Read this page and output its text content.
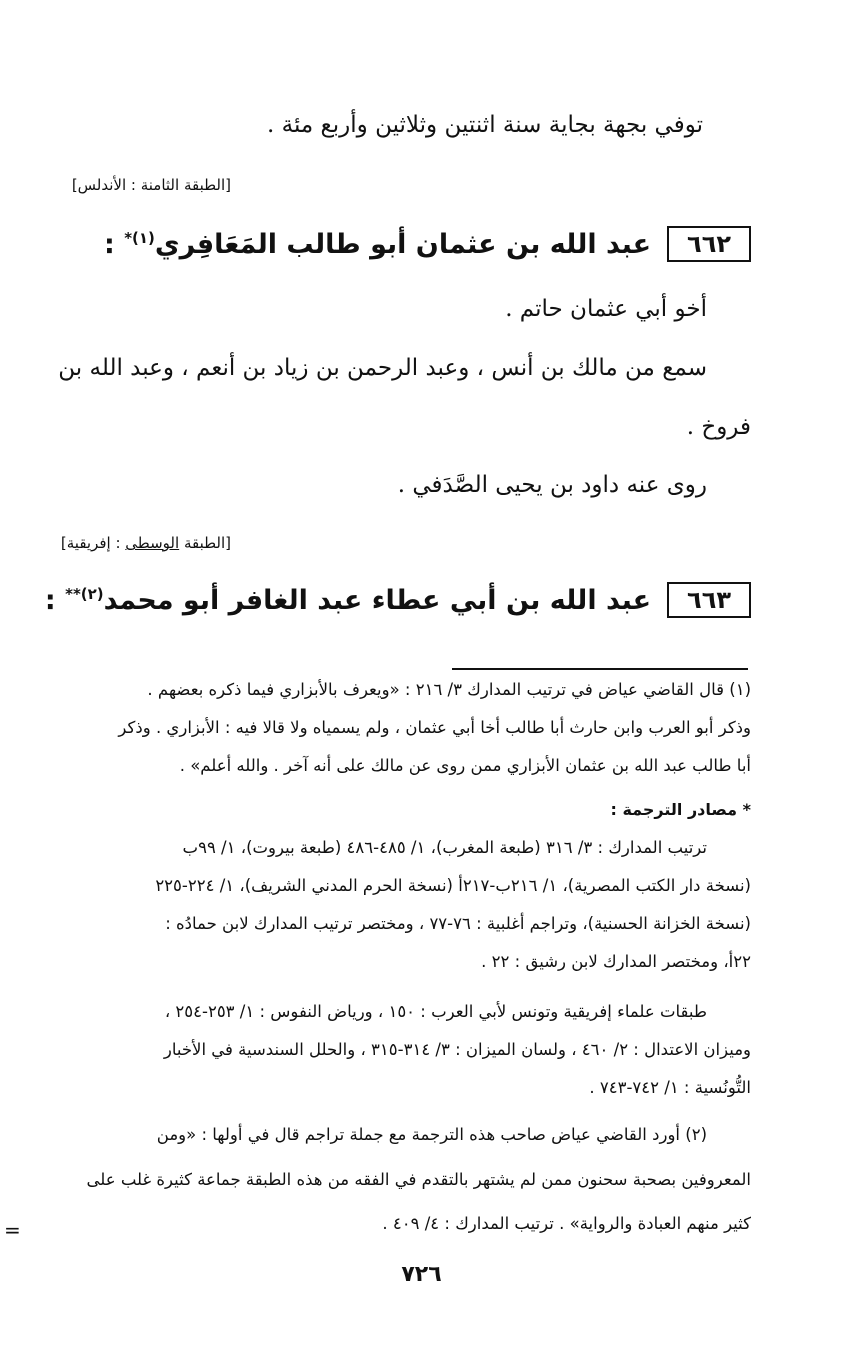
توفي بجهة بجاية سنة اثنتين وثلاثين وأربع مئة .
[الطبقة الثامنة : الأندلس]
٦٦٢
عبد الله بن عثمان أبو طالب المَعَافِري$^{(١)*}$ :
أخو أبي عثمان حاتم .
سمع من مالك بن أنس ، وعبد الرحمن بن زياد بن أنعم ، وعبد الله بن
فروخ .
روى عنه داود بن يحيى الصَّدَفي .
[الطبقة الوسطى : إفريقية]
٦٦٣
عبد الله بن أبي عطاء عبد الغافر أبو محمد$^{(٢)**}$ :
(١) قال القاضي عياض في ترتيب المدارك ٣/ ٢١٦ : «ويعرف بالأبزاري فيما ذكره بعضهم .
وذكر أبو العرب وابن حارث أبا طالب أخا أبي عثمان ، ولم يسمياه ولا قالا فيه : الأبزاري . وذكر
أبا طالب عبد الله بن عثمان الأبزاري ممن روى عن مالك على أنه آخر . والله أعلم» .
* مصادر الترجمة :
ترتيب المدارك : ٣/ ٣١٦ (طبعة المغرب)، ١/ ٤٨٥-٤٨٦ (طبعة بيروت)، ١/ ٩٩ب
(نسخة دار الكتب المصرية)، ١/ ٢١٦ب-٢١٧أ (نسخة الحرم المدني الشريف)، ١/ ٢٢٤-٢٢٥
(نسخة الخزانة الحسنية)، وتراجم أغلبية : ٧٦-٧٧ ، ومختصر ترتيب المدارك لابن حمادُه :
٢٢أ، ومختصر المدارك لابن رشيق : ٢٢ .
طبقات علماء إفريقية وتونس لأبي العرب : ١٥٠ ، ورياض النفوس : ١/ ٢٥٣-٢٥٤ ،
وميزان الاعتدال : ٢/ ٤٦٠ ، ولسان الميزان : ٣/ ٣١٤-٣١٥ ، والحلل السندسية في الأخبار
التُّونُسية : ١/ ٧٤٢-٧٤٣ .
(٢) أورد القاضي عياض صاحب هذه الترجمة مع جملة تراجم قال في أولها : «ومن
المعروفين بصحبة سحنون ممن لم يشتهر بالتقدم في الفقه من هذه الطبقة جماعة كثيرة غلب على
كثير منهم العبادة والرواية» . ترتيب المدارك : ٤/ ٤٠٩ .
=
٧٢٦
